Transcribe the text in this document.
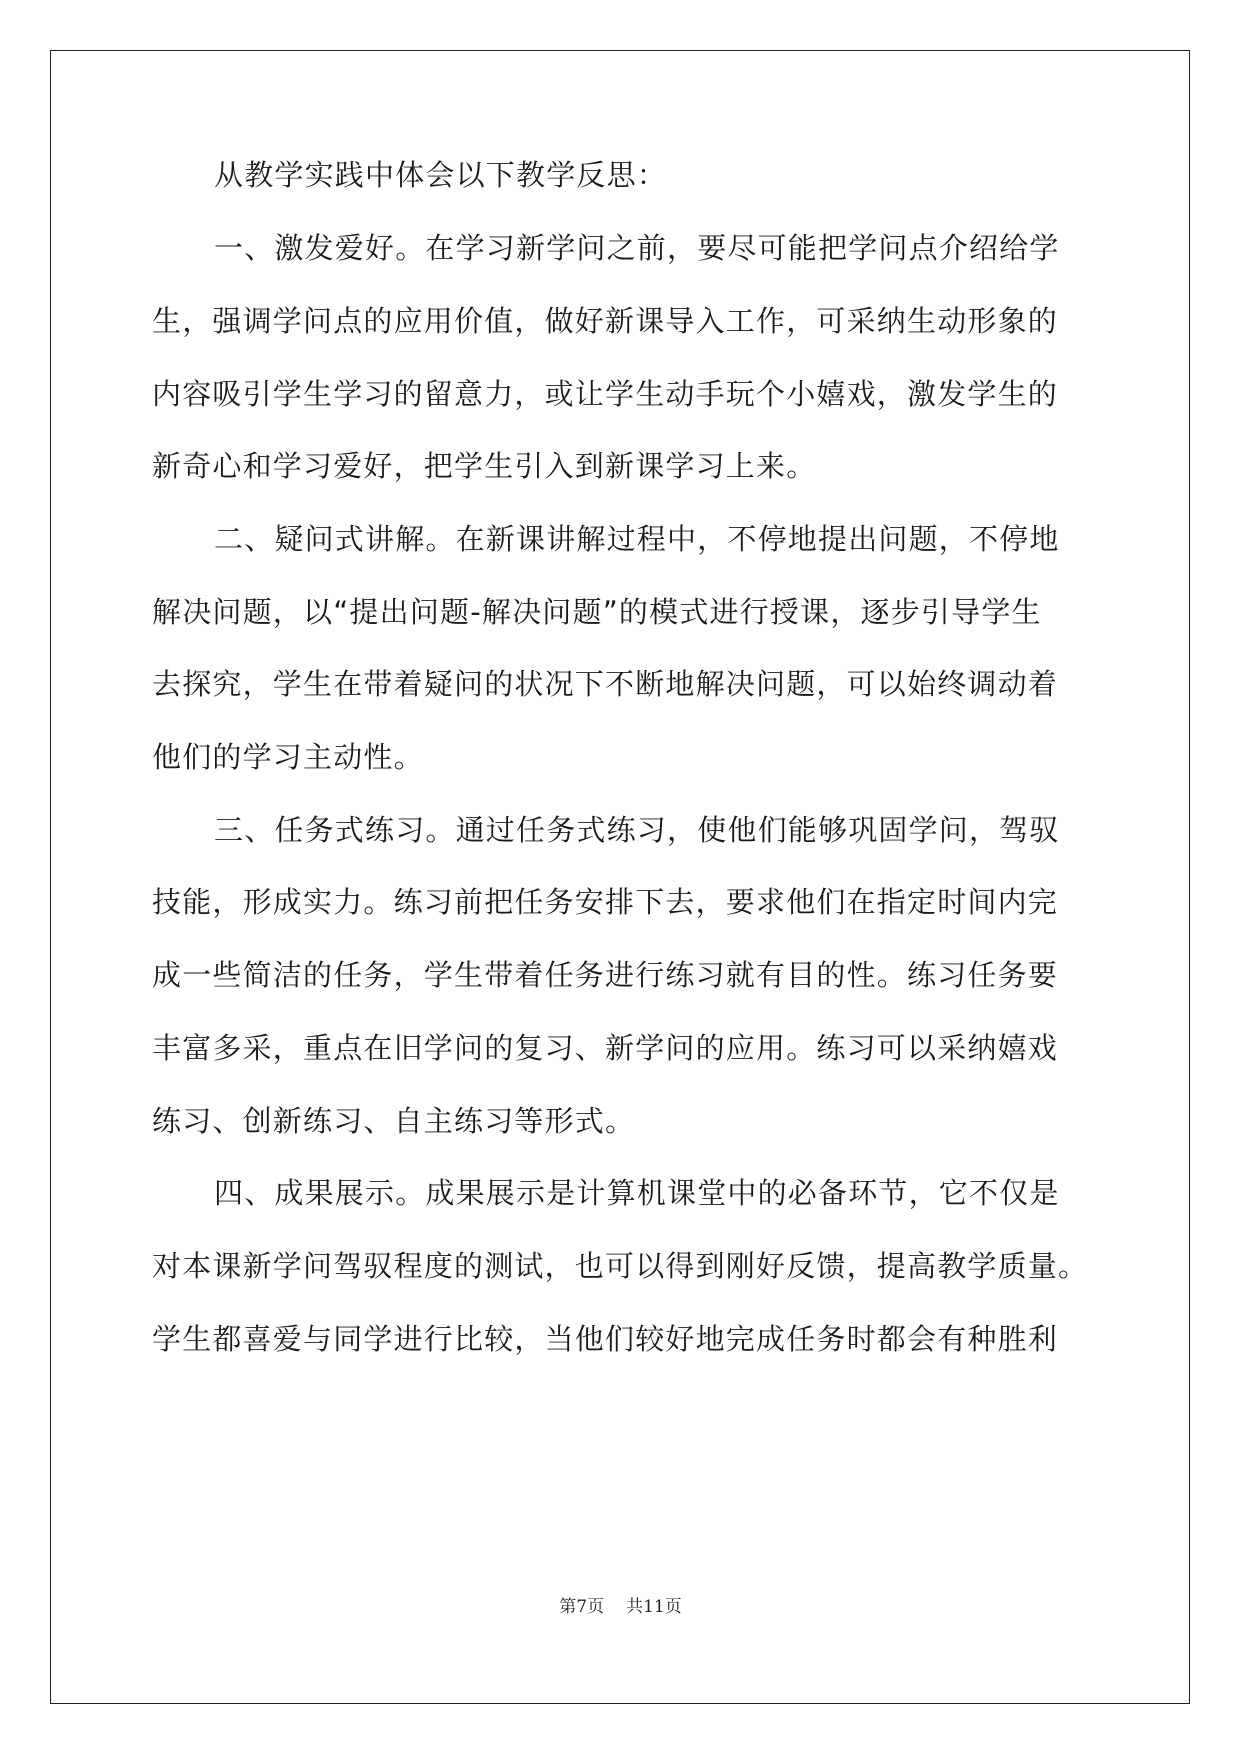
从教学实践中体会以下教学反思：
一、激发爱好。在学习新学问之前，要尽可能把学问点介绍给学
生，强调学问点的应用价值，做好新课导入工作，可采纳生动形象的
内容吸引学生学习的留意力，或让学生动手玩个小嬉戏，激发学生的
新奇心和学习爱好，把学生引入到新课学习上来。
二、疑问式讲解。在新课讲解过程中，不停地提出问题，不停地
解决问题，以“提出问题-解决问题”的模式进行授课，逐步引导学生
去探究，学生在带着疑问的状况下不断地解决问题，可以始终调动着
他们的学习主动性。
三、任务式练习。通过任务式练习，使他们能够巩固学问，驾驭
技能，形成实力。练习前把任务安排下去，要求他们在指定时间内完
成一些简洁的任务，学生带着任务进行练习就有目的性。练习任务要
丰富多采，重点在旧学问的复习、新学问的应用。练习可以采纳嬉戏
练习、创新练习、自主练习等形式。
四、成果展示。成果展示是计算机课堂中的必备环节，它不仅是
对本课新学问驾驭程度的测试，也可以得到刚好反馈，提高教学质量。
学生都喜爱与同学进行比较，当他们较好地完成任务时都会有种胜利
第7页 共11页
